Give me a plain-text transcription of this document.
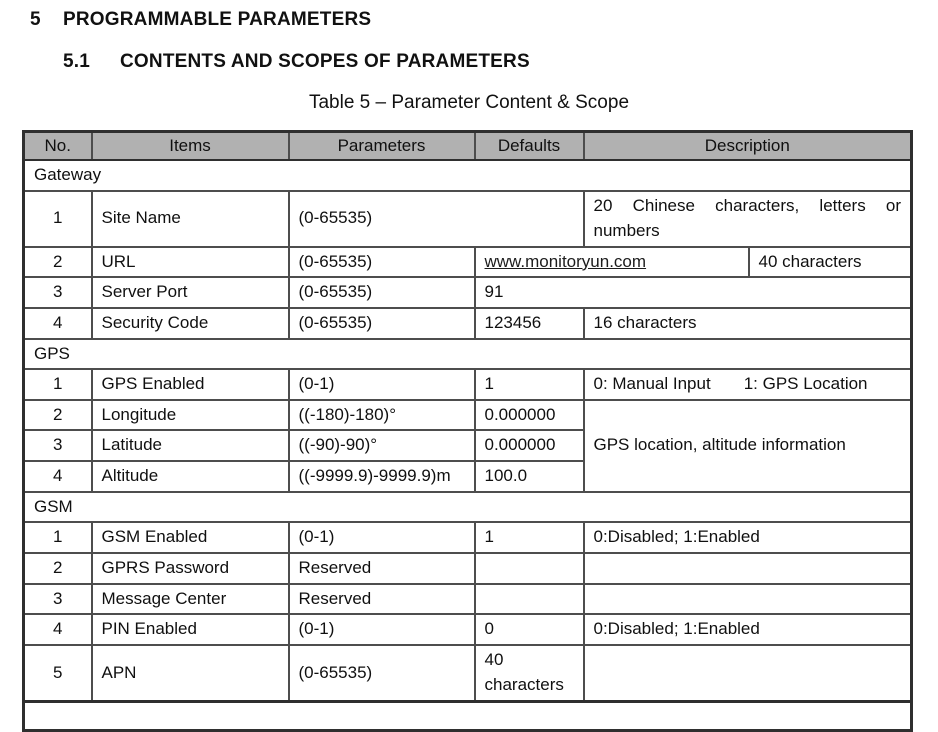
5 PROGRAMMABLE PARAMETERS
5.1 CONTENTS AND SCOPES OF PARAMETERS
Table 5 – Parameter Content & Scope
No.	Items	Parameters	Defaults	Description	
Gateway					
1	Site Name	(0-65535)		20 Chinese characters, letters or numbers	
2	URL	(0-65535)	www.monitoryun.com		40 characters
3	Server Port	(0-65535)	91		
4	Security Code	(0-65535)	123456	16 characters	
GPS					
1	GPS Enabled	(0-1)	1	0: Manual Input 1: GPS Location	
2	Longitude	((-180)-180)°	0.000000	GPS location, altitude information	
3	Latitude	((-90)-90)°	0.000000		
4	Altitude	((-9999.9)-9999.9)m	100.0		
GSM					
1	GSM Enabled	(0-1)	1	0:Disabled; 1:Enabled	
2	GPRS Password	Reserved			
3	Message Center	Reserved			
4	PIN Enabled	(0-1)	0	0:Disabled; 1:Enabled	
5	APN	(0-65535)	40 characters		
